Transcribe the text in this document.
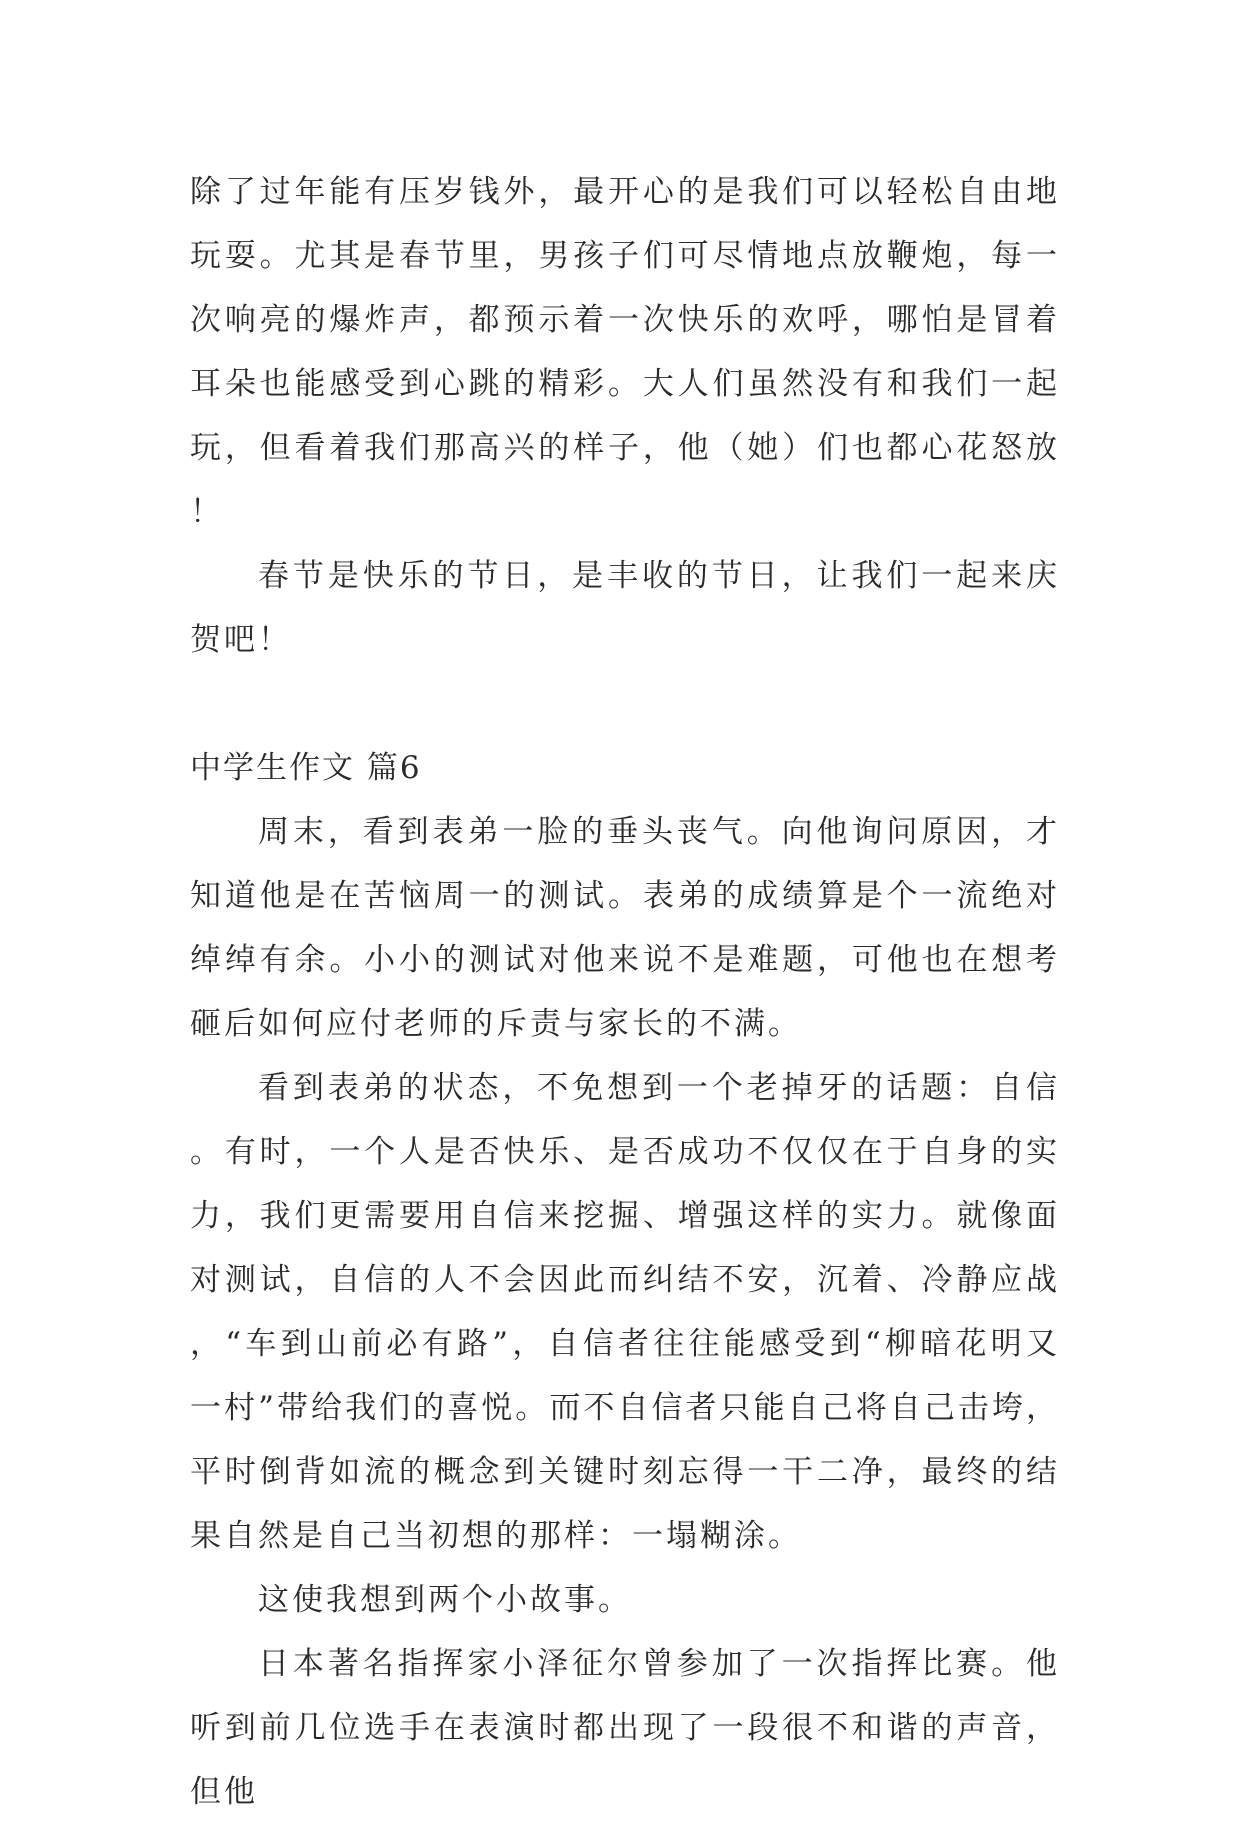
除了过年能有压岁钱外，最开心的是我们可以轻松自由地玩耍。尤其是春节里，男孩子们可尽情地点放鞭炮，每一次响亮的爆炸声，都预示着一次快乐的欢呼，哪怕是冒着耳朵也能感受到心跳的精彩。大人们虽然没有和我们一起玩，但看着我们那高兴的样子，他（她）们也都心花怒放！

春节是快乐的节日，是丰收的节日，让我们一起来庆贺吧！

中学生作文 篇6

周末，看到表弟一脸的垂头丧气。向他询问原因，才知道他是在苦恼周一的测试。表弟的成绩算是个一流绝对绰绰有余。小小的测试对他来说不是难题，可他也在想考砸后如何应付老师的斥责与家长的不满。

看到表弟的状态，不免想到一个老掉牙的话题：自信。有时，一个人是否快乐、是否成功不仅仅在于自身的实力，我们更需要用自信来挖掘、增强这样的实力。就像面对测试，自信的人不会因此而纠结不安，沉着、冷静应战，“车到山前必有路”，自信者往往能感受到“柳暗花明又一村”带给我们的喜悦。而不自信者只能自己将自己击垮，平时倒背如流的概念到关键时刻忘得一干二净，最终的结果自然是自己当初想的那样：一塌糊涂。

这使我想到两个小故事。

日本著名指挥家小泽征尔曾参加了一次指挥比赛。他听到前几位选手在表演时都出现了一段很不和谐的声音，但他
